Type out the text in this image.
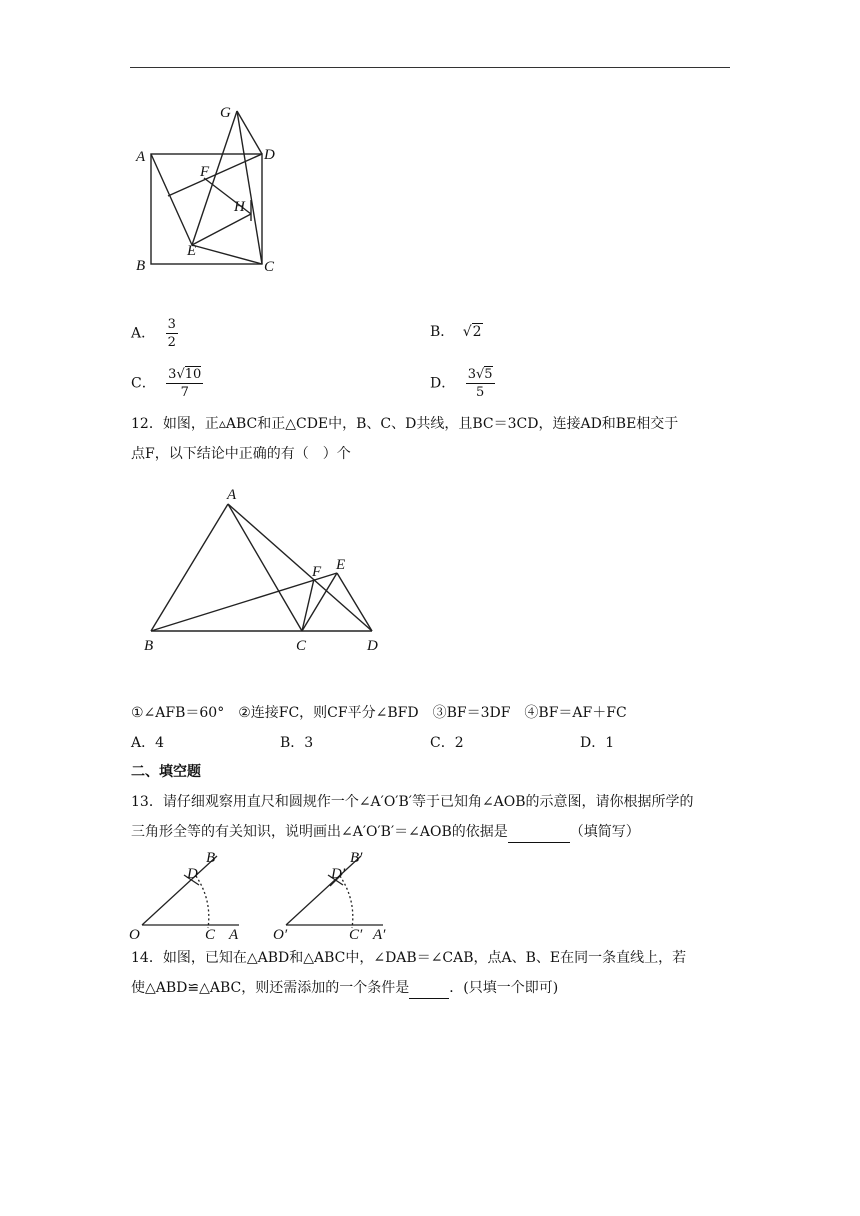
G
A	D
F
H
E
B	C
A． $\frac{3}{2}$	B． √2
C． $\frac{3√10}{7}$	D． $\frac{3√5}{5}$
12．如图，正▵ABC和正△CDE中，B、C、D共线，且BC＝3CD，连接AD和BE相交于
点F，以下结论中正确的有（　）个
A
F E
B	C	D
①∠AFB＝60°　②连接FC，则CF平分∠BFD　③BF＝3DF　④BF＝AF＋FC
A．4	B．3	C．2	D．1
二、填空题
13．请仔细观察用直尺和圆规作一个∠A′O′B′等于已知角∠AOB的示意图，请你根据所学的
三角形全等的有关知识，说明画出∠A′O′B′＝∠AOB的依据是	（填简写）
O	C A
D
B
O′	C′ A′
D′
B′
14．如图，已知在△ABD和△ABC中，∠DAB＝∠CAB，点A、B、E在同一条直线上，若
使△ABD≌△ABC，则还需添加的一个条件是	．(只填一个即可)
